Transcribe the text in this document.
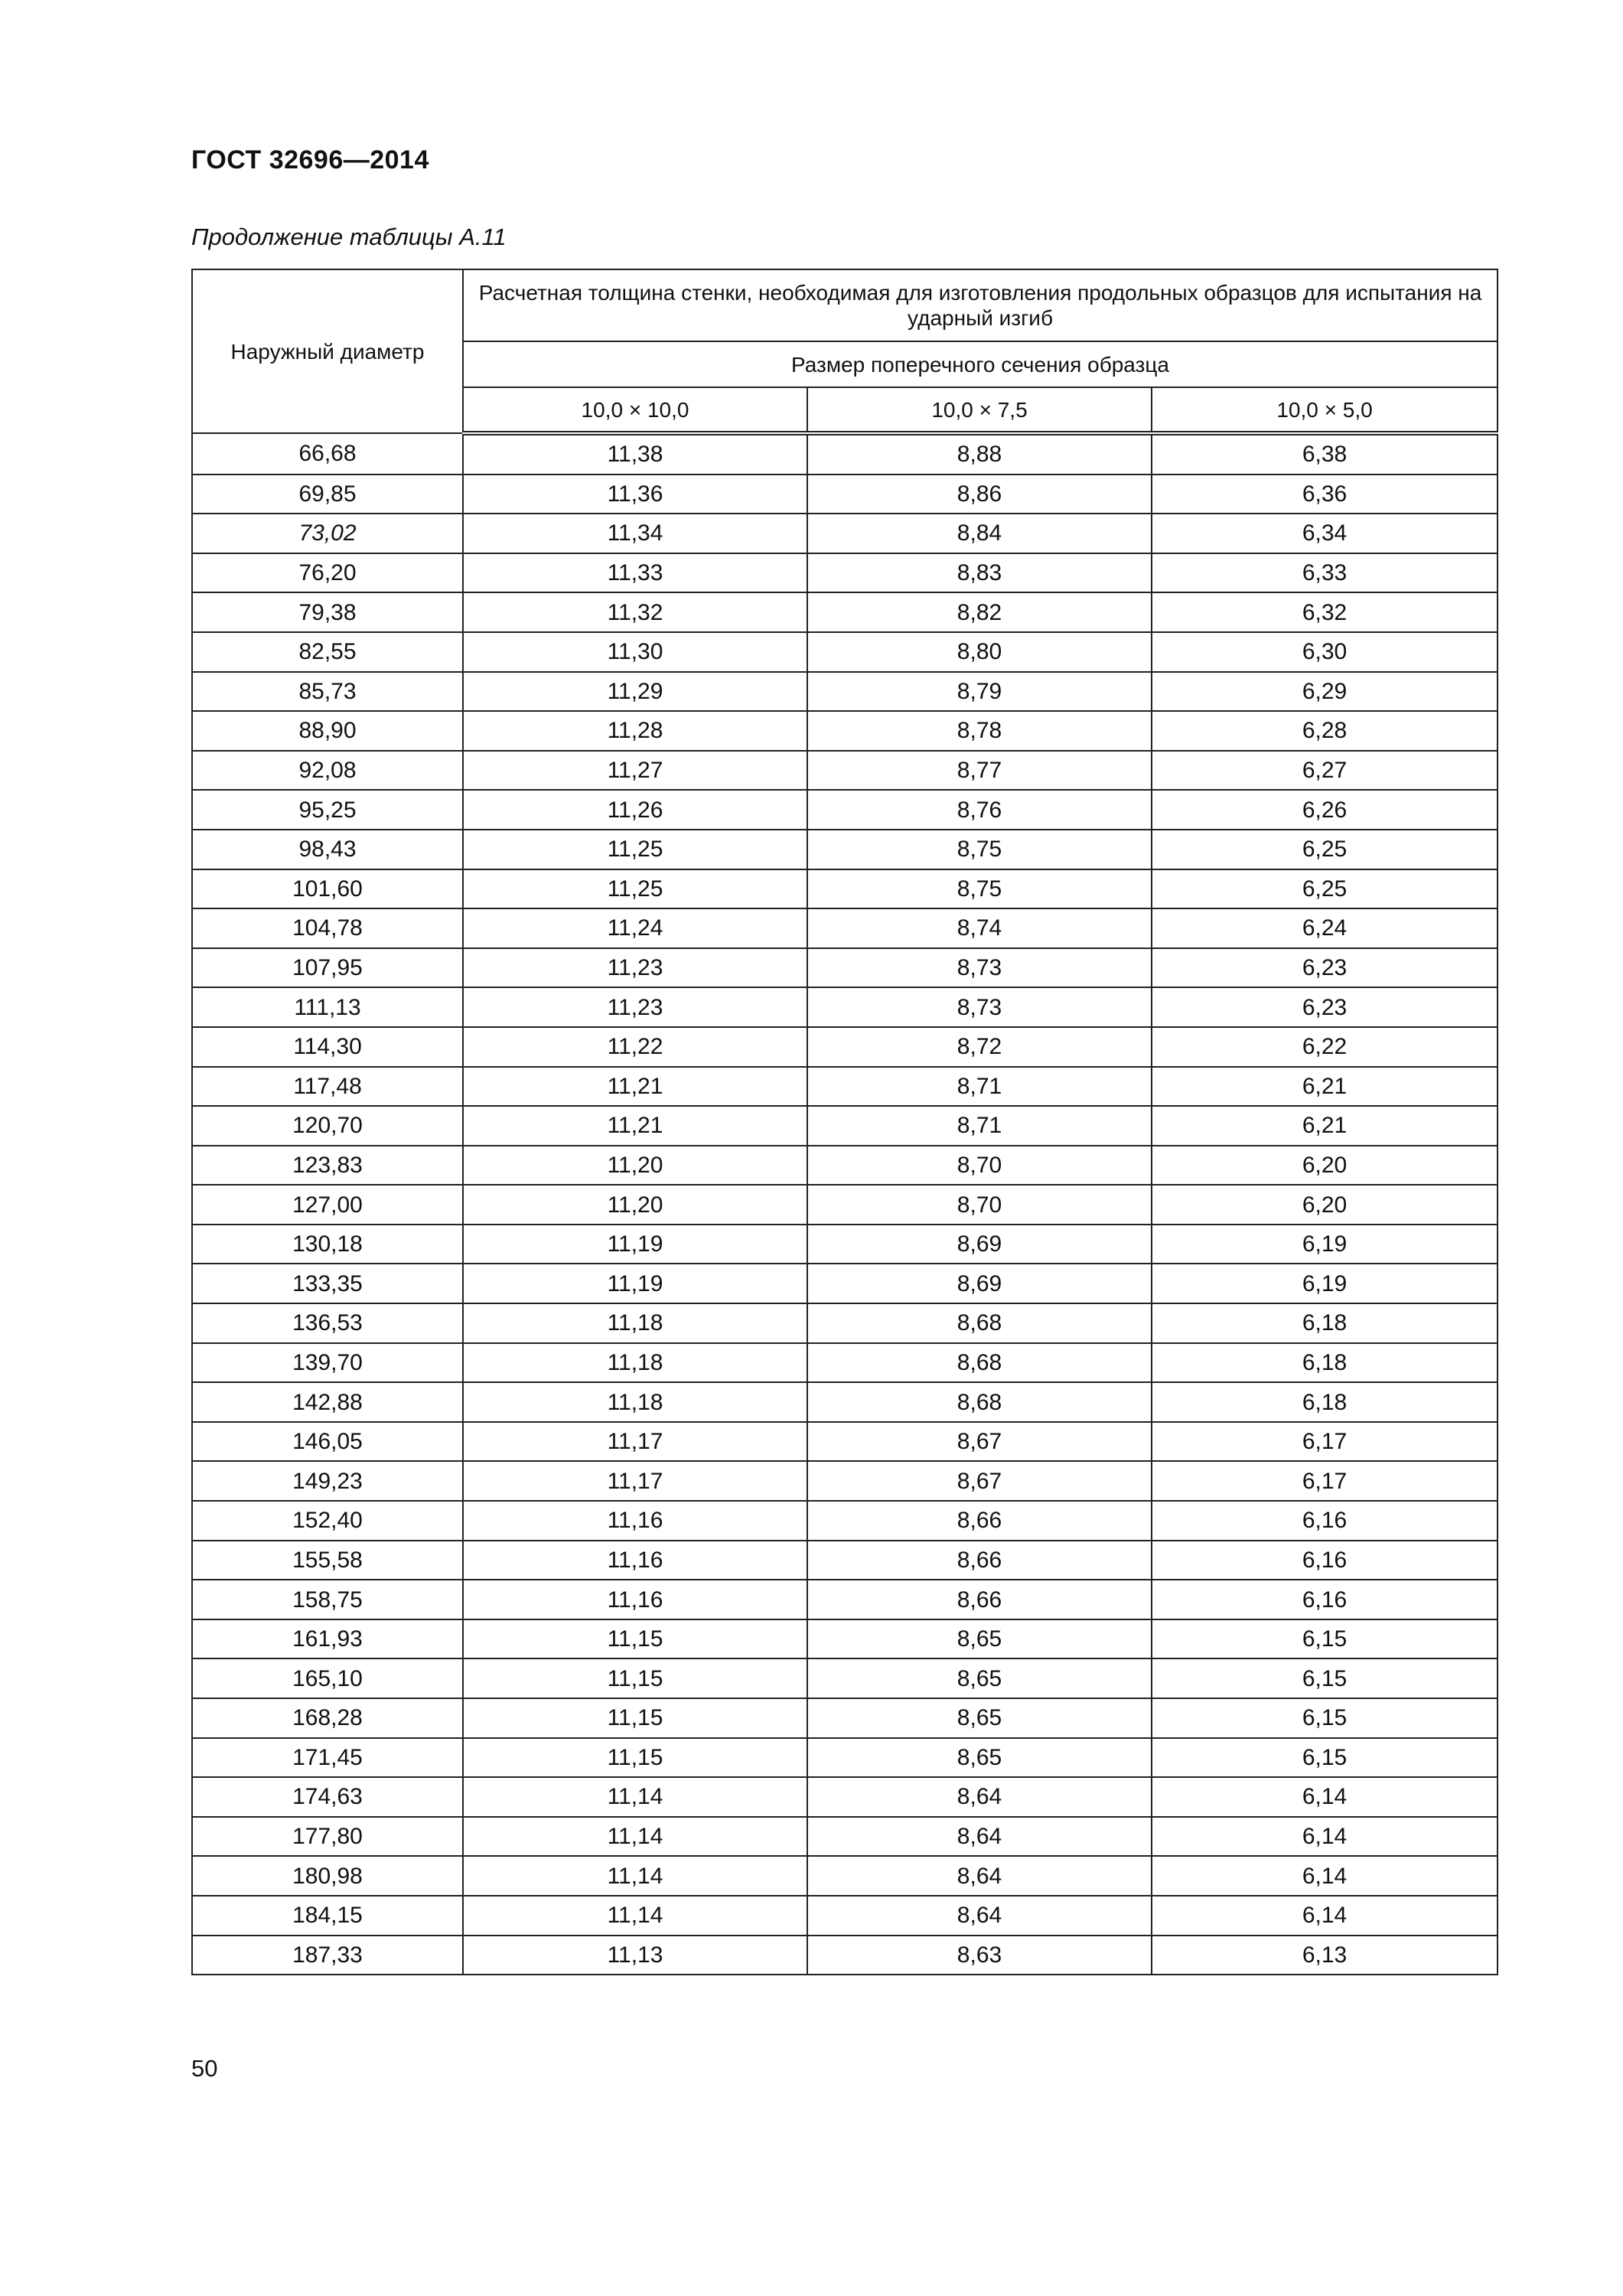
ГОСТ 32696—2014
Продолжение таблицы А.11
Наружный диаметр	Расчетная толщина стенки, необходимая для изготовления продольных образцов для испытания на ударный изгиб		
	Размер поперечного сечения образца		
	10,0 × 10,0	10,0 × 7,5	10,0 × 5,0
66,68	11,38	8,88	6,38
69,85	11,36	8,86	6,36
73,02	11,34	8,84	6,34
76,20	11,33	8,83	6,33
79,38	11,32	8,82	6,32
82,55	11,30	8,80	6,30
85,73	11,29	8,79	6,29
88,90	11,28	8,78	6,28
92,08	11,27	8,77	6,27
95,25	11,26	8,76	6,26
98,43	11,25	8,75	6,25
101,60	11,25	8,75	6,25
104,78	11,24	8,74	6,24
107,95	11,23	8,73	6,23
111,13	11,23	8,73	6,23
114,30	11,22	8,72	6,22
117,48	11,21	8,71	6,21
120,70	11,21	8,71	6,21
123,83	11,20	8,70	6,20
127,00	11,20	8,70	6,20
130,18	11,19	8,69	6,19
133,35	11,19	8,69	6,19
136,53	11,18	8,68	6,18
139,70	11,18	8,68	6,18
142,88	11,18	8,68	6,18
146,05	11,17	8,67	6,17
149,23	11,17	8,67	6,17
152,40	11,16	8,66	6,16
155,58	11,16	8,66	6,16
158,75	11,16	8,66	6,16
161,93	11,15	8,65	6,15
165,10	11,15	8,65	6,15
168,28	11,15	8,65	6,15
171,45	11,15	8,65	6,15
174,63	11,14	8,64	6,14
177,80	11,14	8,64	6,14
180,98	11,14	8,64	6,14
184,15	11,14	8,64	6,14
187,33	11,13	8,63	6,13
50
